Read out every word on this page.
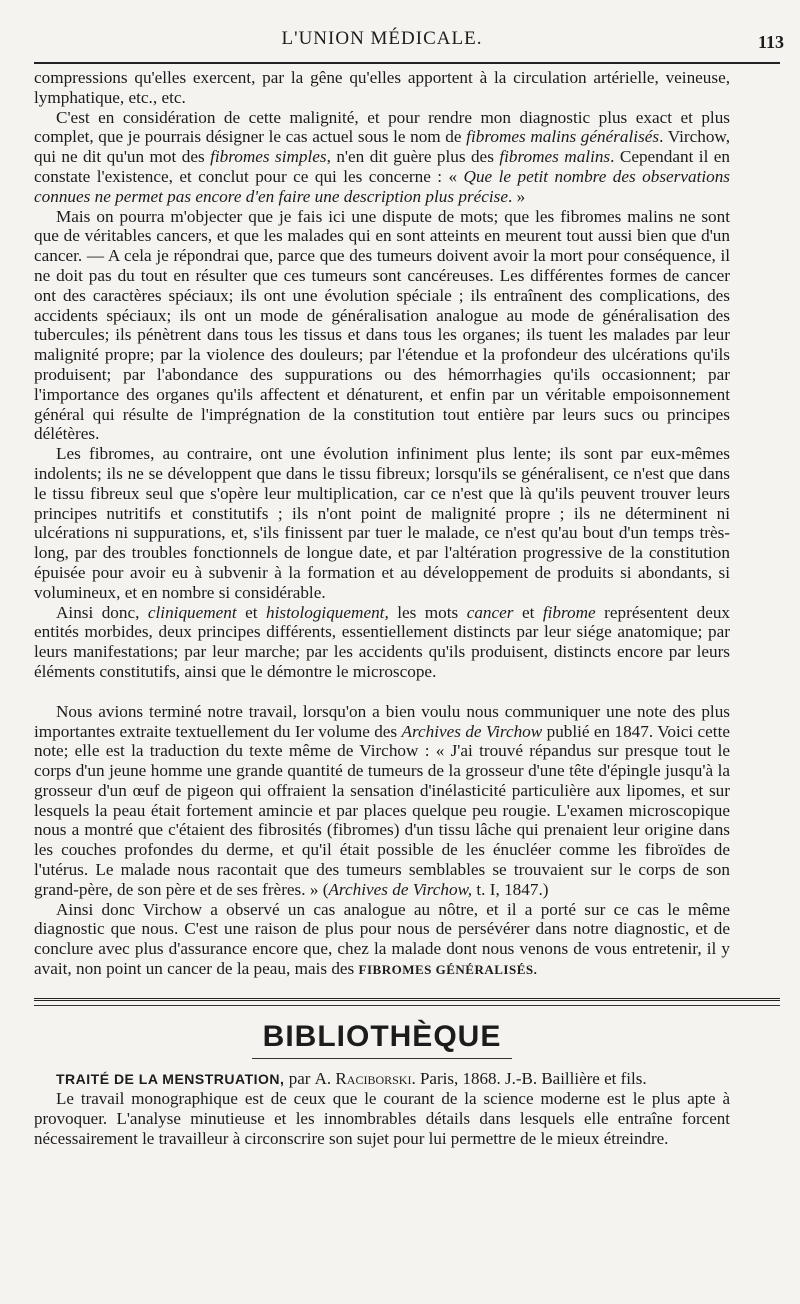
L'UNION MÉDICALE.	113

compressions qu'elles exercent, par la gêne qu'elles apportent à la circulation artérielle, veineuse, lymphatique, etc., etc.

C'est en considération de cette malignité, et pour rendre mon diagnostic plus exact et plus complet, que je pourrais désigner le cas actuel sous le nom de fibromes malins généralisés. Virchow, qui ne dit qu'un mot des fibromes simples, n'en dit guère plus des fibromes malins. Cependant il en constate l'existence, et conclut pour ce qui les concerne : « Que le petit nombre des observations connues ne permet pas encore d'en faire une description plus précise. »

Mais on pourra m'objecter que je fais ici une dispute de mots; que les fibromes malins ne sont que de véritables cancers, et que les malades qui en sont atteints en meurent tout aussi bien que d'un cancer. — A cela je répondrai que, parce que des tumeurs doivent avoir la mort pour conséquence, il ne doit pas du tout en résulter que ces tumeurs sont cancéreuses. Les différentes formes de cancer ont des caractères spéciaux; ils ont une évolution spéciale ; ils entraînent des complications, des accidents spéciaux; ils ont un mode de généralisation analogue au mode de généralisation des tubercules; ils pénètrent dans tous les tissus et dans tous les organes; ils tuent les malades par leur malignité propre; par la violence des douleurs; par l'étendue et la profondeur des ulcérations qu'ils produisent; par l'abondance des suppurations ou des hémorrhagies qu'ils occasionnent; par l'importance des organes qu'ils affectent et dénaturent, et enfin par un véritable empoisonnement général qui résulte de l'imprégnation de la constitution tout entière par leurs sucs ou principes délétères.

Les fibromes, au contraire, ont une évolution infiniment plus lente; ils sont par eux-mêmes indolents; ils ne se développent que dans le tissu fibreux; lorsqu'ils se généralisent, ce n'est que dans le tissu fibreux seul que s'opère leur multiplication, car ce n'est que là qu'ils peuvent trouver leurs principes nutritifs et constitutifs ; ils n'ont point de malignité propre ; ils ne déterminent ni ulcérations ni suppurations, et, s'ils finissent par tuer le malade, ce n'est qu'au bout d'un temps très-long, par des troubles fonctionnels de longue date, et par l'altération progressive de la constitution épuisée pour avoir eu à subvenir à la formation et au développement de produits si abondants, si volumineux, et en nombre si considérable.

Ainsi donc, cliniquement et histologiquement, les mots cancer et fibrome représentent deux entités morbides, deux principes différents, essentiellement distincts par leur siége anatomique; par leurs manifestations; par leur marche; par les accidents qu'ils produisent, distincts encore par leurs éléments constitutifs, ainsi que le démontre le microscope.

Nous avions terminé notre travail, lorsqu'on a bien voulu nous communiquer une note des plus importantes extraite textuellement du Ier volume des Archives de Virchow publié en 1847. Voici cette note; elle est la traduction du texte même de Virchow : « J'ai trouvé répandus sur presque tout le corps d'un jeune homme une grande quantité de tumeurs de la grosseur d'une tête d'épingle jusqu'à la grosseur d'un œuf de pigeon qui offraient la sensation d'inélasticité particulière aux lipomes, et sur lesquels la peau était fortement amincie et par places quelque peu rougie. L'examen microscopique nous a montré que c'étaient des fibrosités (fibromes) d'un tissu lâche qui prenaient leur origine dans les couches profondes du derme, et qu'il était possible de les énucléer comme les fibroïdes de l'utérus. Le malade nous racontait que des tumeurs semblables se trouvaient sur le corps de son grand-père, de son père et de ses frères. » (Archives de Virchow, t. I, 1847.)

Ainsi donc Virchow a observé un cas analogue au nôtre, et il a porté sur ce cas le même diagnostic que nous. C'est une raison de plus pour nous de persévérer dans notre diagnostic, et de conclure avec plus d'assurance encore que, chez la malade dont nous venons de vous entretenir, il y avait, non point un cancer de la peau, mais des FIBROMES GÉNÉRALISÉS.

BIBLIOTHÈQUE

TRAITÉ DE LA MENSTRUATION, par A. Raciborski. Paris, 1868. J.-B. Baillière et fils.

Le travail monographique est de ceux que le courant de la science moderne est le plus apte à provoquer. L'analyse minutieuse et les innombrables détails dans lesquels elle entraîne forcent nécessairement le travailleur à circonscrire son sujet pour lui permettre de le mieux étreindre.
